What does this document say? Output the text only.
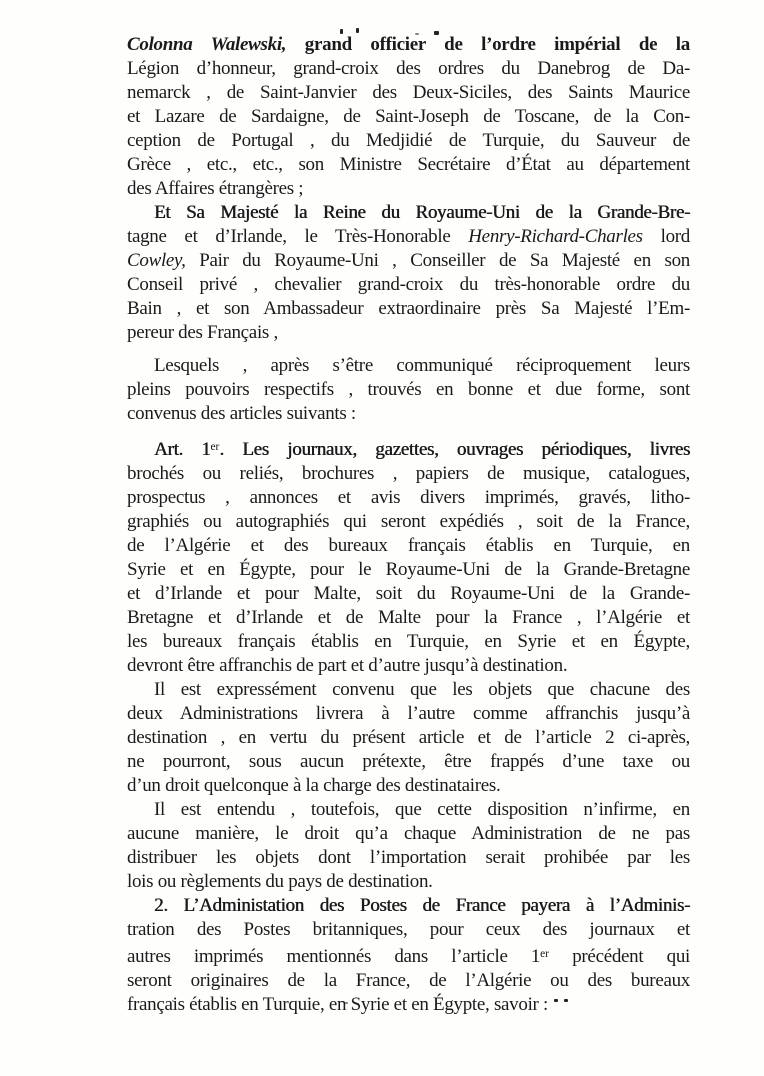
Colonna Walewski, grand officier de l’ordre impérial de la
Légion d’honneur, grand-croix des ordres du Danebrog de Da-
nemarck , de Saint-Janvier des Deux-Siciles, des Saints Maurice
et Lazare de Sardaigne, de Saint-Joseph de Toscane, de la Con-
ception de Portugal , du Medjidié de Turquie, du Sauveur de
Grèce , etc., etc., son Ministre Secrétaire d’État au département
des Affaires étrangères ;
Et Sa Majesté la Reine du Royaume-Uni de la Grande-Bre-
tagne et d’Irlande, le Très-Honorable Henry-Richard-Charles lord
Cowley, Pair du Royaume-Uni , Conseiller de Sa Majesté en son
Conseil privé , chevalier grand-croix du très-honorable ordre du
Bain , et son Ambassadeur extraordinaire près Sa Majesté l’Em-
pereur des Français ,
Lesquels , après s’être communiqué réciproquement leurs
pleins pouvoirs respectifs , trouvés en bonne et due forme, sont
convenus des articles suivants :
Art. 1er. Les journaux, gazettes, ouvrages périodiques, livres
brochés ou reliés, brochures , papiers de musique, catalogues,
prospectus , annonces et avis divers imprimés, gravés, litho-
graphiés ou autographiés qui seront expédiés , soit de la France,
de l’Algérie et des bureaux français établis en Turquie, en
Syrie et en Égypte, pour le Royaume-Uni de la Grande-Bretagne
et d’Irlande et pour Malte, soit du Royaume-Uni de la Grande-
Bretagne et d’Irlande et de Malte pour la France , l’Algérie et
les bureaux français établis en Turquie, en Syrie et en Égypte,
devront être affranchis de part et d’autre jusqu’à destination.
Il est expressément convenu que les objets que chacune des
deux Administrations livrera à l’autre comme affranchis jusqu’à
destination , en vertu du présent article et de l’article 2 ci-après,
ne pourront, sous aucun prétexte, être frappés d’une taxe ou
d’un droit quelconque à la charge des destinataires.
Il est entendu , toutefois, que cette disposition n’infirme, en
aucune manière, le droit qu’a chaque Administration de ne pas
distribuer les objets dont l’importation serait prohibée par les
lois ou règlements du pays de destination.
2. L’Administation des Postes de France payera à l’Adminis-
tration des Postes britanniques, pour ceux des journaux et
autres imprimés mentionnés dans l’article 1er précédent qui
seront originaires de la France, de l’Algérie ou des bureaux
français établis en Turquie, en Syrie et en Égypte, savoir :
